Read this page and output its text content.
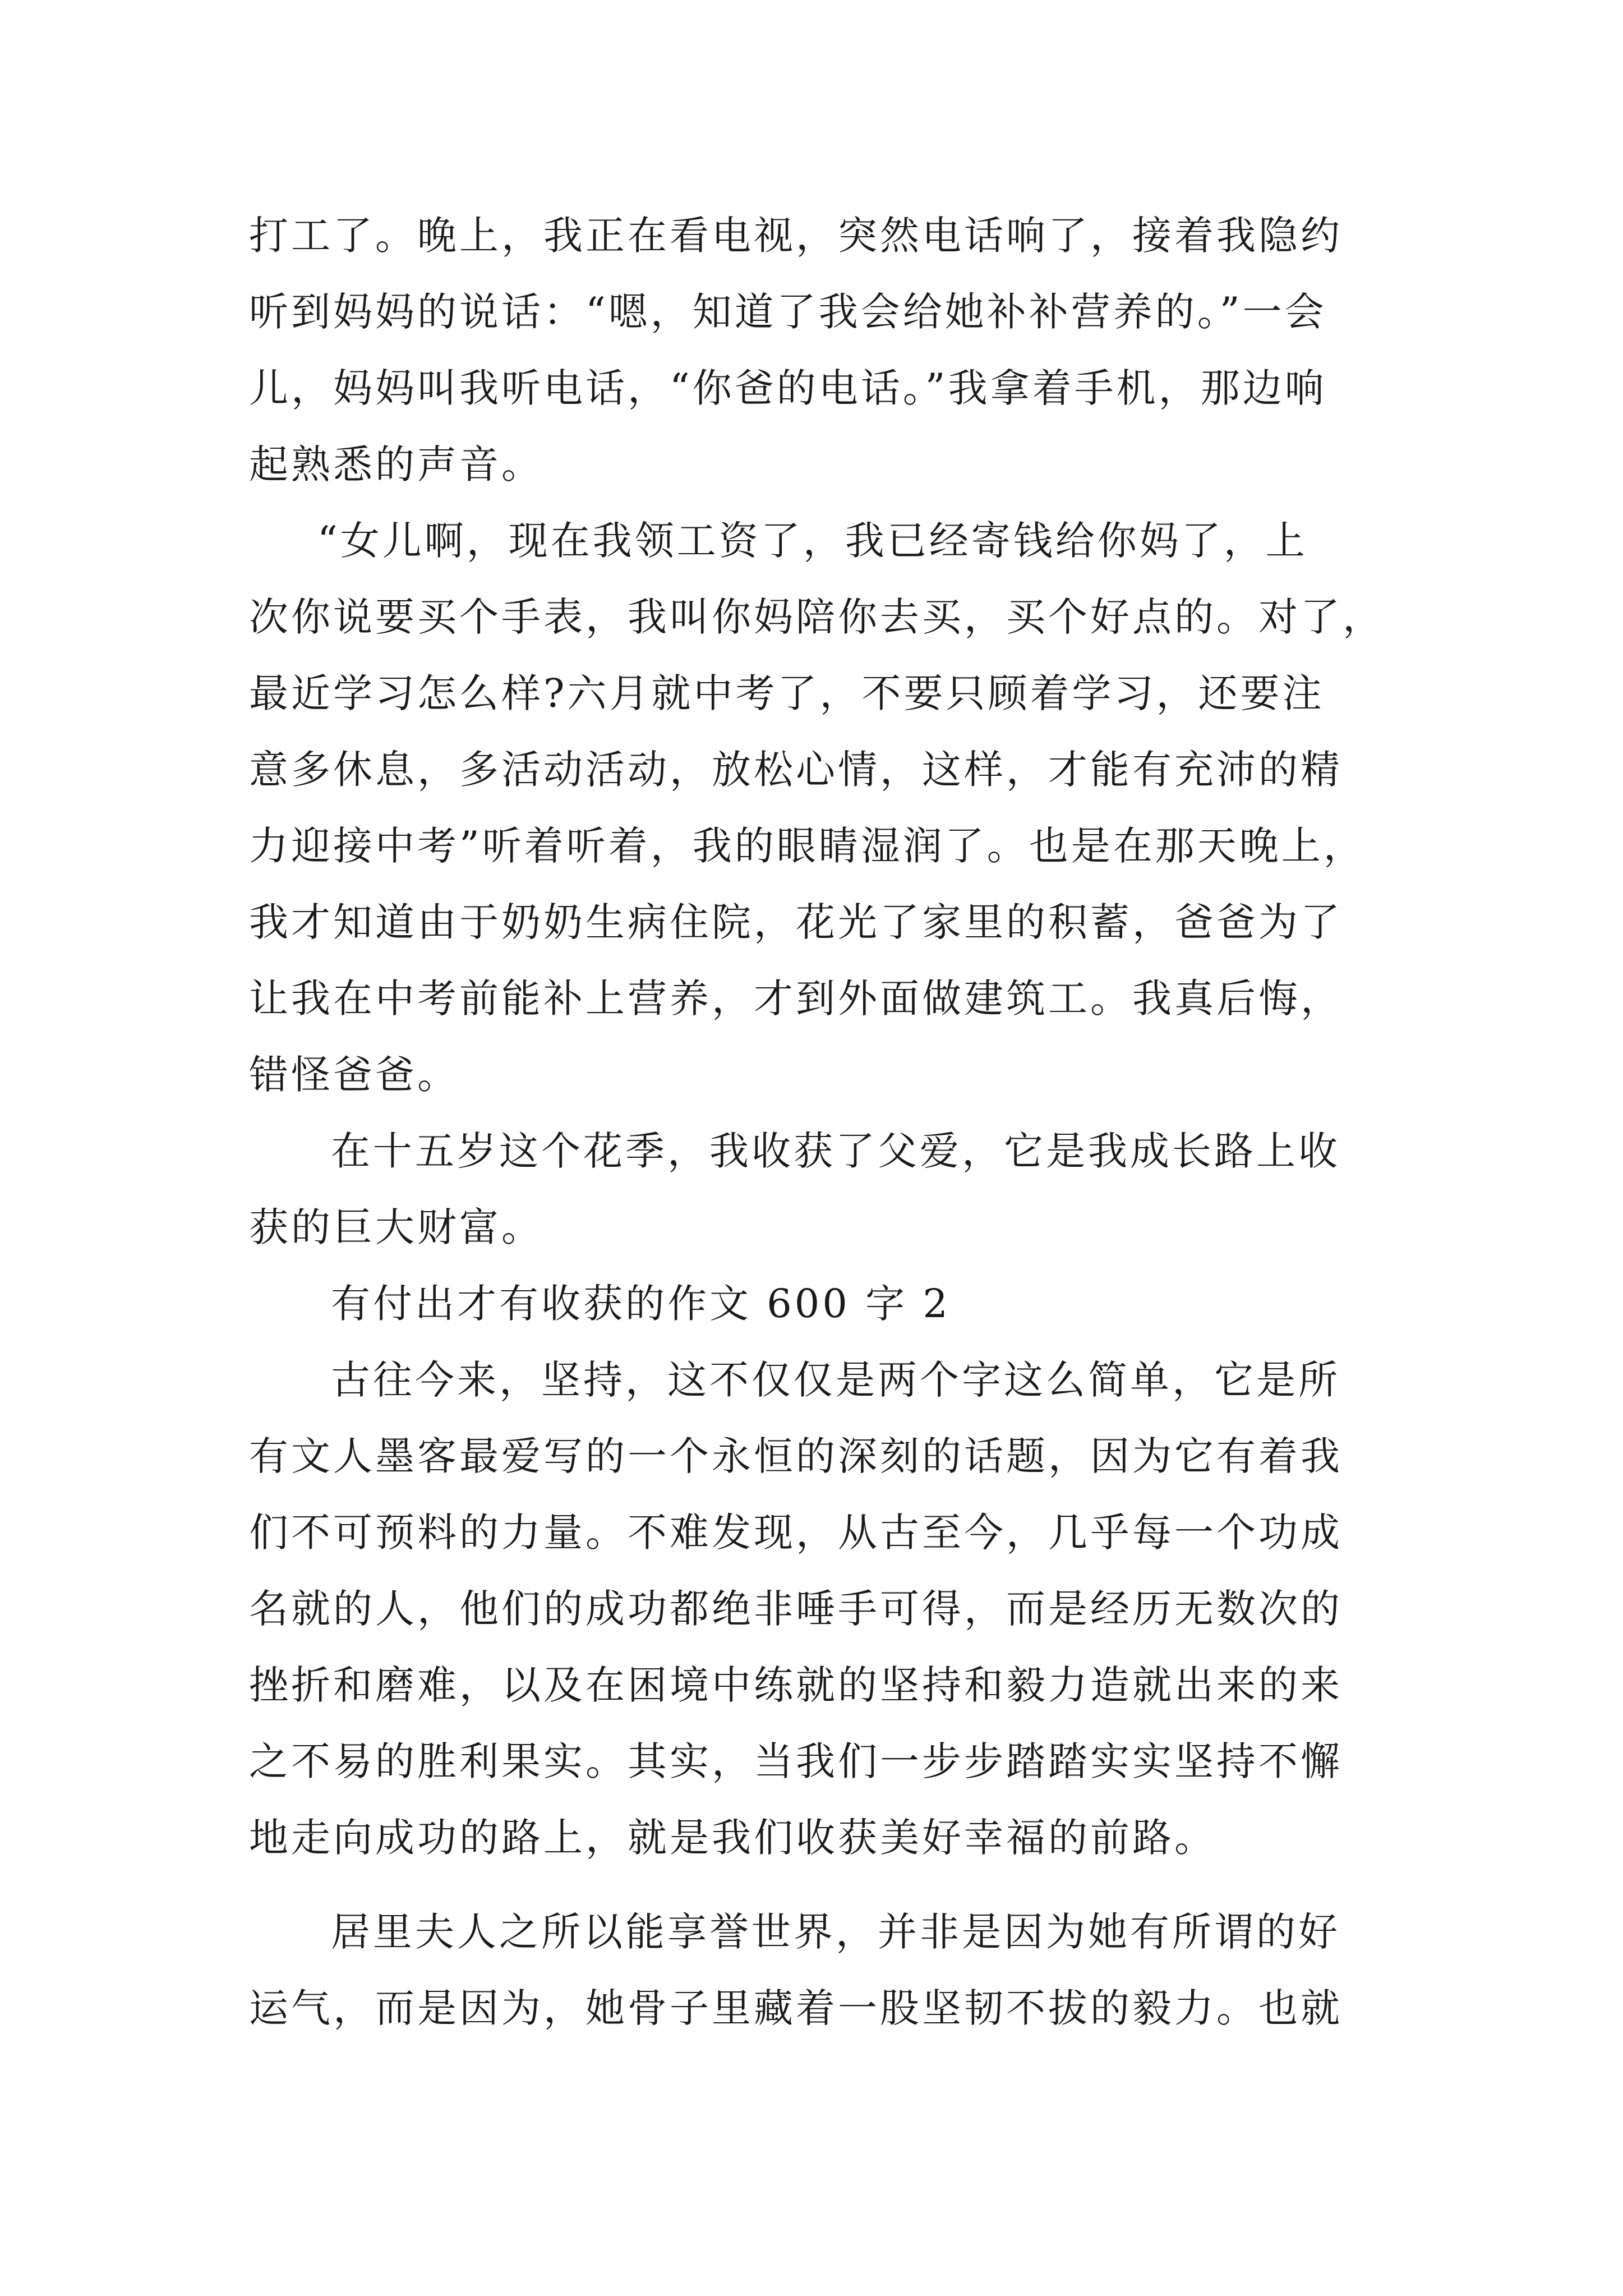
打工了。晚上，我正在看电视，突然电话响了，接着我隐约
听到妈妈的说话：“嗯，知道了我会给她补补营养的。”一会
儿，妈妈叫我听电话，“你爸的电话。”我拿着手机，那边响
起熟悉的声音。
“女儿啊，现在我领工资了，我已经寄钱给你妈了，上
次你说要买个手表，我叫你妈陪你去买，买个好点的。对了，
最近学习怎么样?六月就中考了，不要只顾着学习，还要注
意多休息，多活动活动，放松心情，这样，才能有充沛的精
力迎接中考”听着听着，我的眼睛湿润了。也是在那天晚上，
我才知道由于奶奶生病住院，花光了家里的积蓄，爸爸为了
让我在中考前能补上营养，才到外面做建筑工。我真后悔，
错怪爸爸。
在十五岁这个花季，我收获了父爱，它是我成长路上收
获的巨大财富。
有付出才有收获的作文 600 字 2
古往今来，坚持，这不仅仅是两个字这么简单，它是所
有文人墨客最爱写的一个永恒的深刻的话题，因为它有着我
们不可预料的力量。不难发现，从古至今，几乎每一个功成
名就的人，他们的成功都绝非唾手可得，而是经历无数次的
挫折和磨难，以及在困境中练就的坚持和毅力造就出来的来
之不易的胜利果实。其实，当我们一步步踏踏实实坚持不懈
地走向成功的路上，就是我们收获美好幸福的前路。
居里夫人之所以能享誉世界，并非是因为她有所谓的好
运气，而是因为，她骨子里藏着一股坚韧不拔的毅力。也就
